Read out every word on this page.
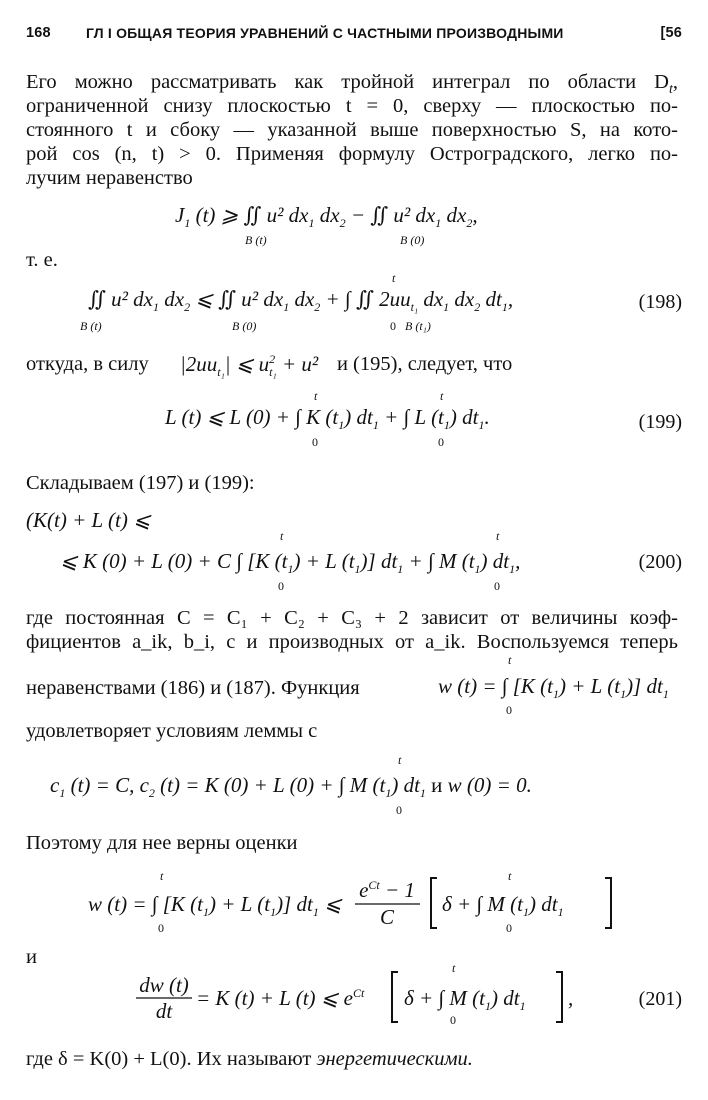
168	ГЛ I ОБЩАЯ ТЕОРИЯ УРАВНЕНИЙ С ЧАСТНЫМИ ПРОИЗВОДНЫМИ	[56
Его можно рассматривать как тройной интеграл по области $D_t$,
ограниченной снизу плоскостью t = 0, сверху — плоскостью по-
стоянного t и сбоку — указанной выше поверхностью S, на кото-
рой cos (n, t) > 0. Применяя формулу Остроградского, легко по-
лучим неравенство
т. е.
откуда, в силу	и (195), следует, что
Складываем (197) и (199):
где постоянная C = C₁ + C₂ + C₃ + 2 зависит от величины коэф-
фициентов a_ik, b_i, c и производных от a_ik. Воспользуемся теперь
неравенствами (186) и (187). Функция
удовлетворяет условиям леммы с
Поэтому для нее верны оценки
и
где δ = K(0) + L(0). Их называют энергетическими.
$J_1$ (t) ⩾ ∬ u² $dx_1$ $dx_2$ − ∬ u² $dx_1$ $dx_2$,
B (t)	B (0)
∬ u² $dx_1$ $dx_2$ ⩽ ∬ u² $dx_1$ $dx_2$ + ∫ ∬ $2uu_{t_1}$ $dx_1$ $dx_2$ $dt_1$,
B (t)	B (0)
t
0 B (t₁)
(198)
$|2uu_{t_1}|$ ⩽ $u^2$ t₁ + u²
L (t) ⩽ L (0) + ∫ K $(t_1) dt_1$ + ∫ L $(t_1)$ $dt_1$.
t
0
t
0
(199)
(K(t) + L (t) ⩽
⩽ K (0) + L (0) + C ∫ [K $(t_1) + L$ $(t_1)$] $dt_1$ + ∫ M $(t_1)$ $dt_1$,
t
0
t
0
(200)
w (t) = ∫ [K $(t_1) + L$ $(t_1)$] $dt_1$
t
0
$c_1$ (t) = C, $c_2$ (t) = K (0) + L (0) + ∫ M $(t_1)$ $dt_1$ и w (0) = 0.
t
0
w (t) = ∫ [K $(t_1) + L$ $(t_1)$] $dt_1$ ⩽
t
0
$e^{Ct} - 1$
C
δ + ∫ M $(t_1)$ $dt_1$
t
0
dw (t)
dt
= K (t) + L (t) ⩽ $e^{Ct}$ δ + ∫ M $(t_1)$ $dt_1$
t
0
,	(201)
